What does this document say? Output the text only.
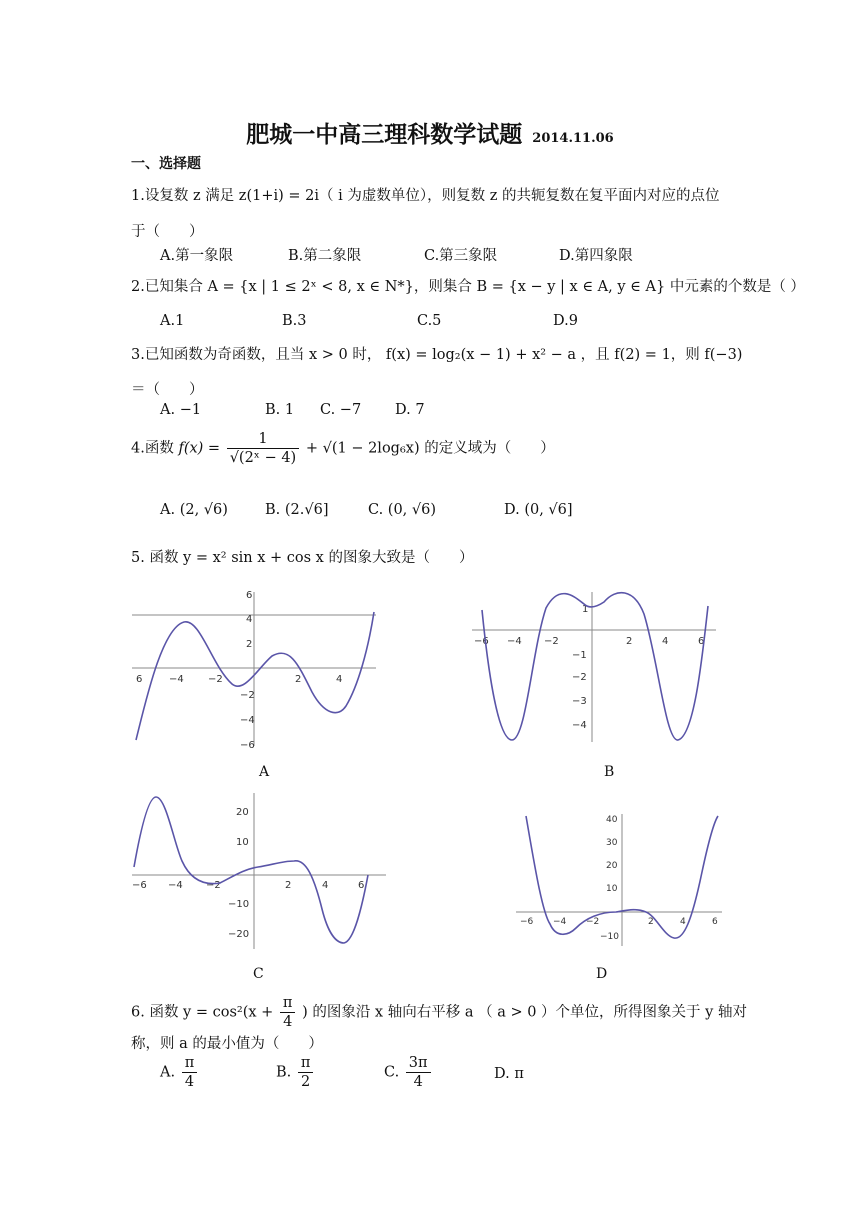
肥城一中高三理科数学试题 2014.11.06
一、选择题
1.设复数 z 满足 z(1+i) = 2i（ i 为虚数单位），则复数 z 的共轭复数在复平面内对应的点位
于（　　）
A.第一象限	B.第二象限	C.第三象限	D.第四象限
2.已知集合 A = {x | 1 ≤ 2ˣ < 8, x ∈ N*}，则集合 B = {x − y | x ∈ A, y ∈ A} 中元素的个数是（ ）
A.1	B.3	C.5	D.9
3.已知函数为奇函数，且当 x > 0 时， f(x) = log₂(x − 1) + x² − a ，且 f(2) = 1，则 f(−3)
＝（　　）
A. −1	B. 1 C. −7 D. 7
4.函数 $f(x) = \frac{1}{\text{√(2ˣ − 4)}} + √(1 - 2\log_6x)$ 的定义域为（　　）
A. (2, √6)	B. (2.√6]	C. (0, √6)	D. (0, √6]
5. 函数 y = x² sin x + cos x 的图象大致是（　　）
6	−4 −2	2	4
6
4
2
−2
−4
−6
A
−6 −4 −2	2	4	6
1
−1
−2
−3
−4
B
−6 −4 −2	2	4	6
20
10
−10
−20
C
−6 −4 −2	2	4	6
40
30
20
10
−10
D
6. 函数 $y = \cos^2(x + \frac{\pi}{4}$ ) 的图象沿 x 轴向右平移 a （ a > 0 ）个单位，所得图象关于 y 轴对
称，则 a 的最小值为（　　）
A. $\frac{\pi}{4}$	B. $\frac{\pi}{2}$	C. $\frac{3\pi}{4}$	D. π
